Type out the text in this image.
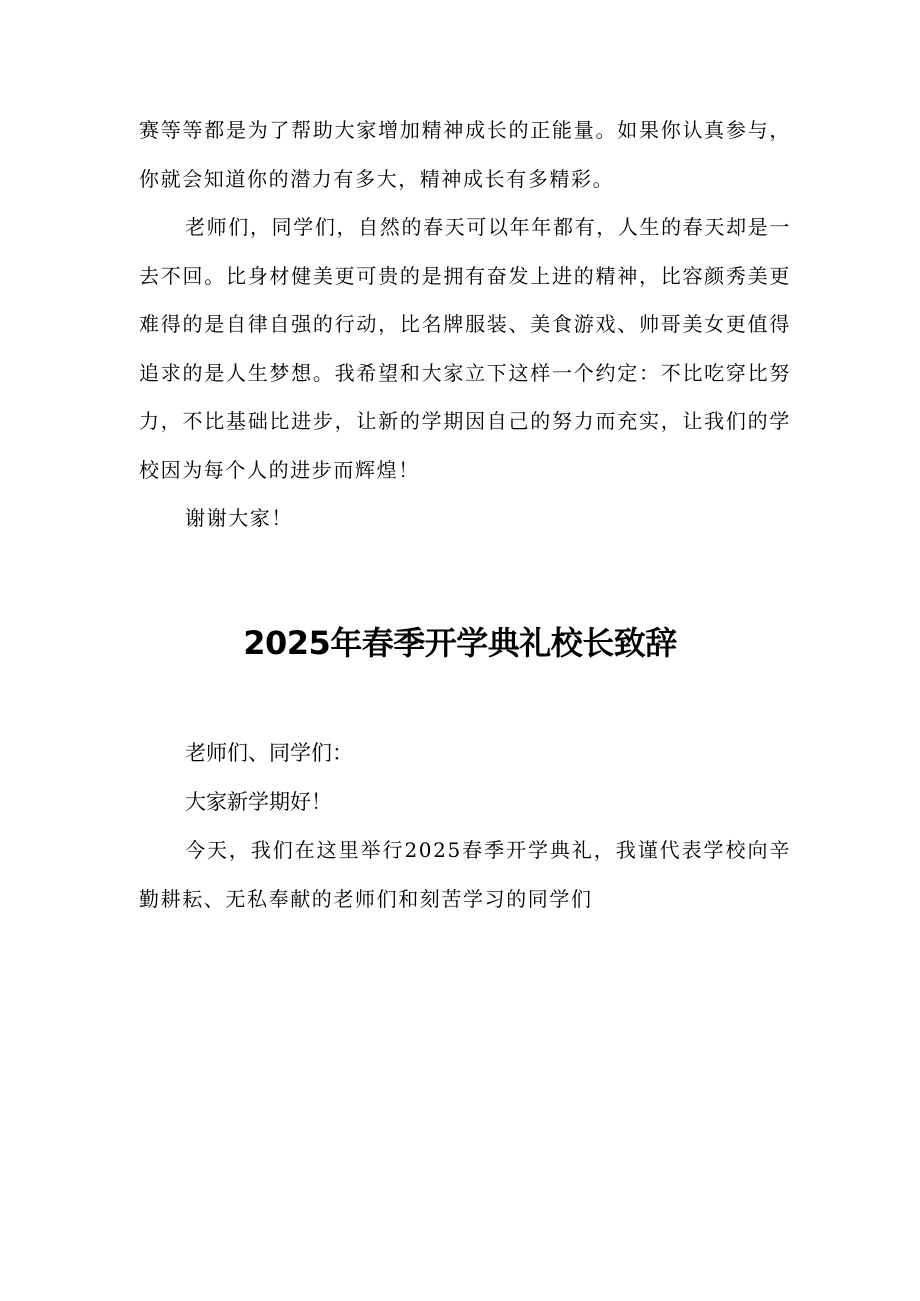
赛等等都是为了帮助大家增加精神成长的正能量。如果你认真参与，你就会知道你的潜力有多大，精神成长有多精彩。

老师们，同学们，自然的春天可以年年都有，人生的春天却是一去不回。比身材健美更可贵的是拥有奋发上进的精神，比容颜秀美更难得的是自律自强的行动，比名牌服装、美食游戏、帅哥美女更值得追求的是人生梦想。我希望和大家立下这样一个约定：不比吃穿比努力，不比基础比进步，让新的学期因自己的努力而充实，让我们的学校因为每个人的进步而辉煌！

谢谢大家！

2025年春季开学典礼校长致辞

老师们、同学们：

大家新学期好！

今天，我们在这里举行2025春季开学典礼，我谨代表学校向辛勤耕耘、无私奉献的老师们和刻苦学习的同学们
